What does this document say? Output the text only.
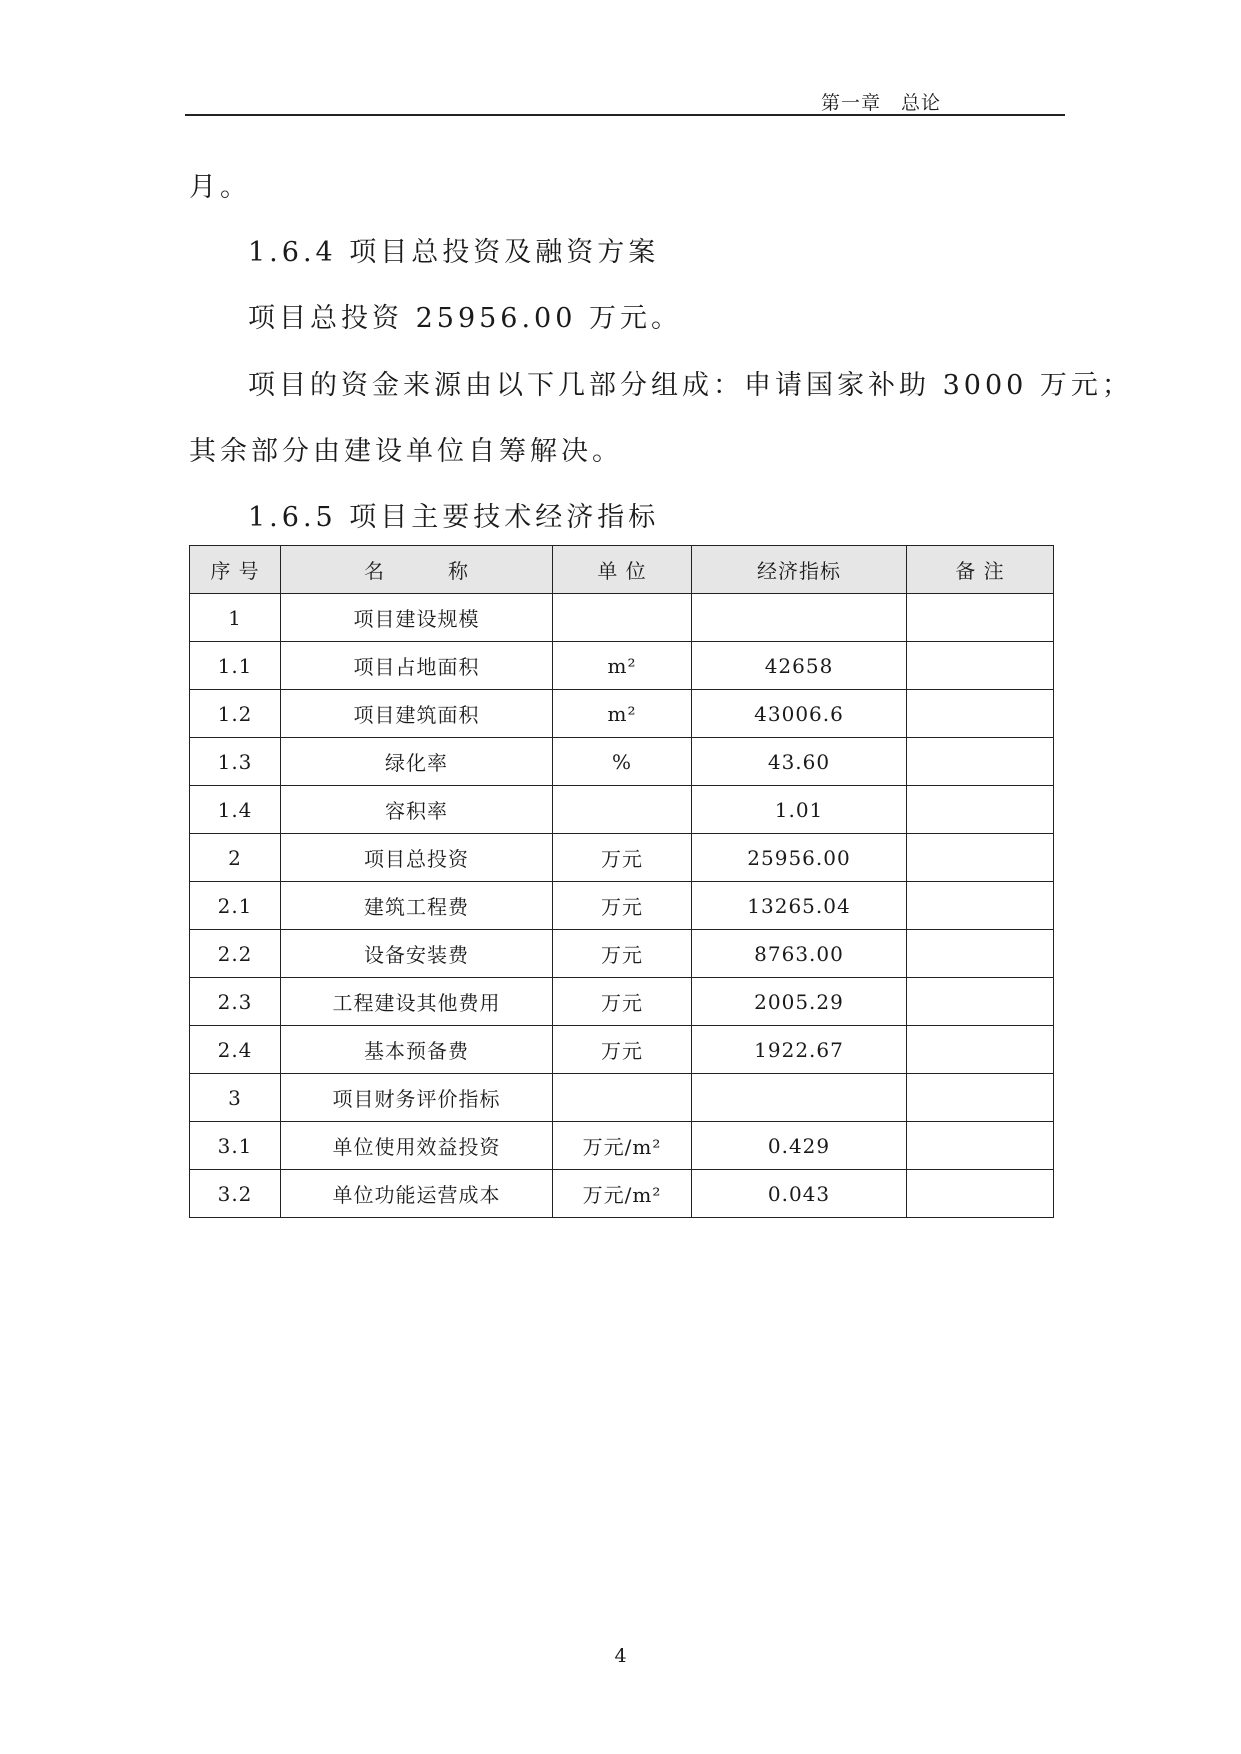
第一章　总论
月。
1.6.4 项目总投资及融资方案
项目总投资 25956.00 万元。
项目的资金来源由以下几部分组成：申请国家补助 3000 万元；
其余部分由建设单位自筹解决。
1.6.5 项目主要技术经济指标
序 号	名　　　称	单 位	经济指标	备 注
1	项目建设规模			
1.1	项目占地面积	m²	42658	
1.2	项目建筑面积	m²	43006.6	
1.3	绿化率	%	43.60	
1.4	容积率		1.01	
2	项目总投资	万元	25956.00	
2.1	建筑工程费	万元	13265.04	
2.2	设备安装费	万元	8763.00	
2.3	工程建设其他费用	万元	2005.29	
2.4	基本预备费	万元	1922.67	
3	项目财务评价指标			
3.1	单位使用效益投资	万元/m²	0.429	
3.2	单位功能运营成本	万元/m²	0.043	
4
